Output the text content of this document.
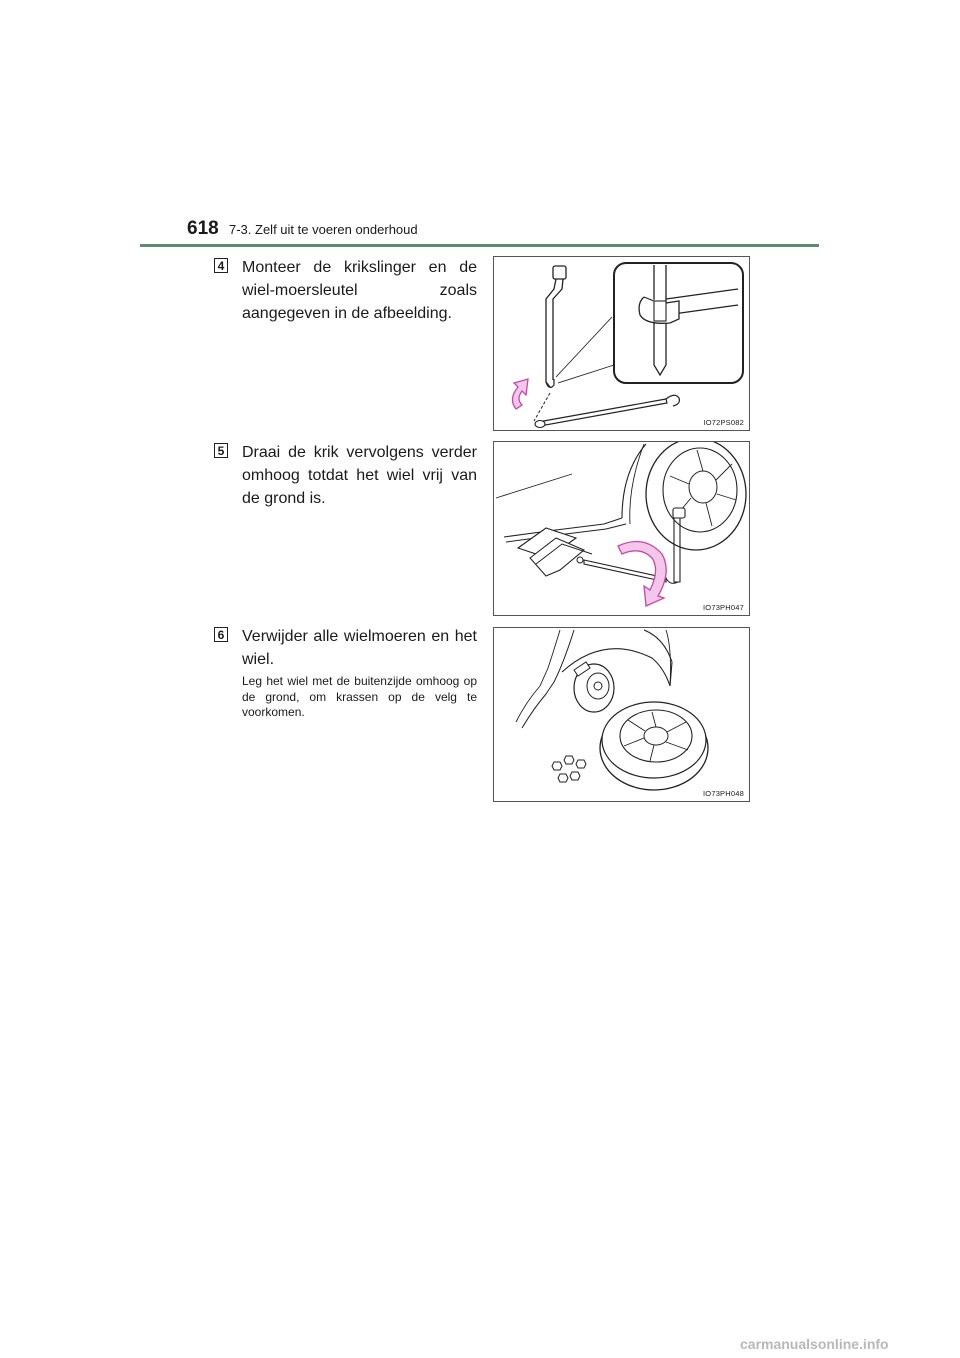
618 7-3. Zelf uit te voeren onderhoud
4 Monteer de krikslinger en de wiel-moersleutel zoals aangegeven in de afbeelding.
IO72PS082
5 Draai de krik vervolgens verder omhoog totdat het wiel vrij van de grond is.
IO73PH047
6 Verwijder alle wielmoeren en het wiel.
Leg het wiel met de buitenzijde omhoog op de grond, om krassen op de velg te voorkomen.
IO73PH048
carmanualsonline.info
